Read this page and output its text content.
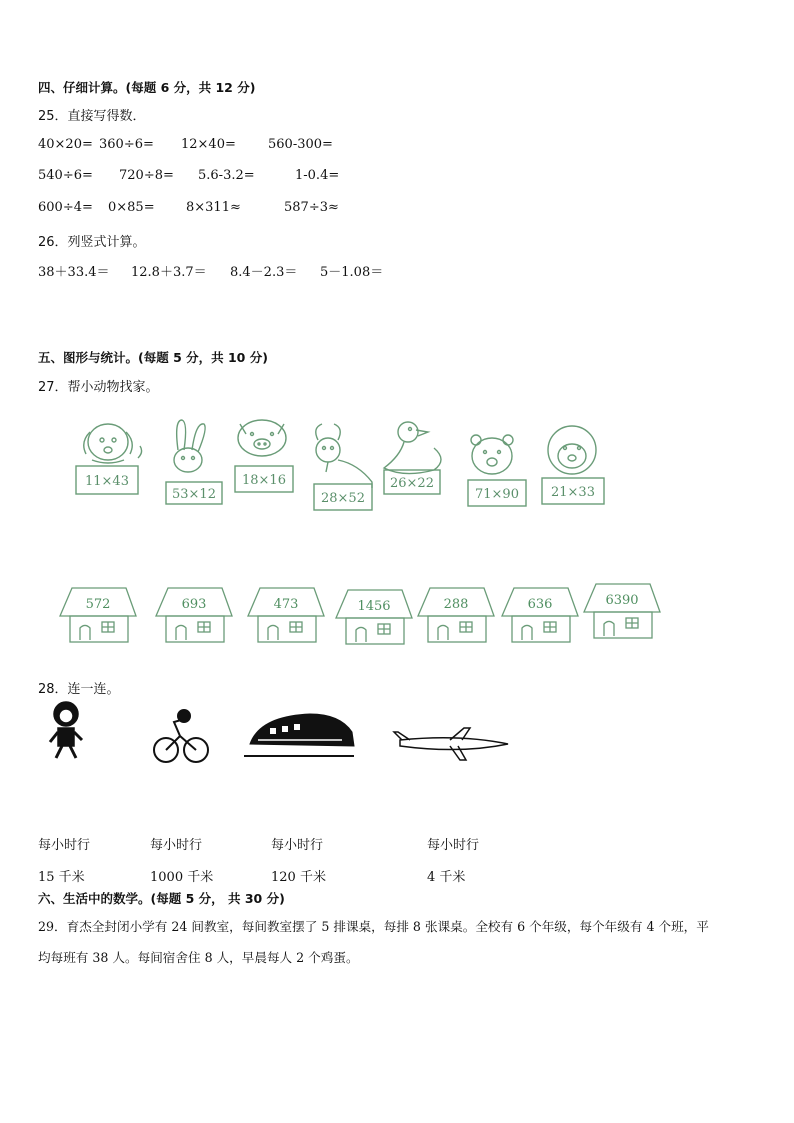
四、仔细计算。(每题 6 分，共 12 分)
25．直接写得数．
40×20= 360÷6= 12×40= 560-300=
540÷6= 720÷8= 5.6-3.2=	1-0.4=
600÷4= 0×85= 8×311≈	587÷3≈
26．列竖式计算。
38＋33.4＝ 12.8＋3.7＝ 8.4－2.3＝ 5－1.08＝
五、图形与统计。(每题 5 分，共 10 分)
27．帮小动物找家。
11×43
53×12
18×16
28×52
26×22
71×90 21×33
572	693	473	1456	288	636	6390
28．连一连。
每小时行	每小时行	每小时行	每小时行
15 千米	1000 千米	120 千米	4 千米
六、生活中的数学。(每题 5 分， 共 30 分)
29．育杰全封闭小学有 24 间教室，每间教室摆了 5 排课桌，每排 8 张课桌。全校有 6 个年级，每个年级有 4 个班，平
均每班有 38 人。每间宿舍住 8 人，早晨每人 2 个鸡蛋。
